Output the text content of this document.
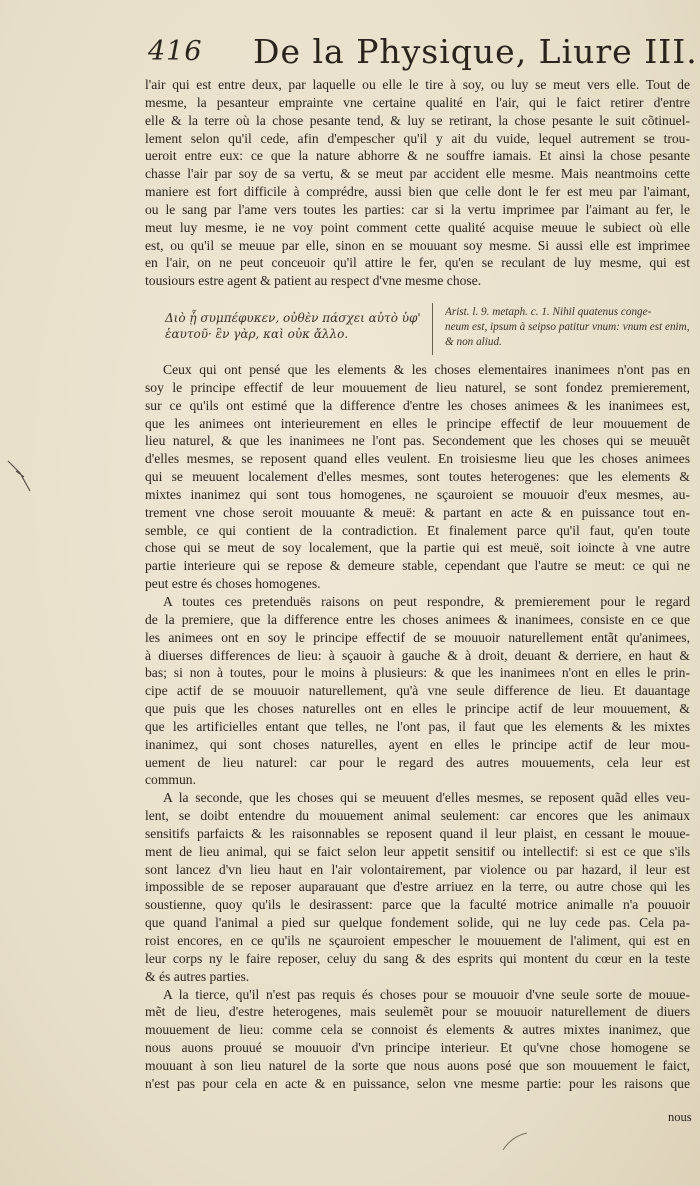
416 De la Physique, Liure III.
l'air qui est entre deux, par laquelle ou elle le tire à soy, ou luy se meut vers elle. Tout de
mesme, la pesanteur emprainte vne certaine qualité en l'air, qui le faict retirer d'entre
elle & la terre où la chose pesante tend, & luy se retirant, la chose pesante le suit cõtinuel-
lement selon qu'il cede, afin d'empescher qu'il y ait du vuide, lequel autrement se trou-
ueroit entre eux: ce que la nature abhorre & ne souffre iamais. Et ainsi la chose pesante
chasse l'air par soy de sa vertu, & se meut par accident elle mesme. Mais neantmoins cette
maniere est fort difficile à comprédre, aussi bien que celle dont le fer est meu par l'aimant,
ou le sang par l'ame vers toutes les parties: car si la vertu imprimee par l'aimant au fer, le
meut luy mesme, ie ne voy point comment cette qualité acquise meuue le subiect où elle
est, ou qu'il se meuue par elle, sinon en se mouuant soy mesme. Si aussi elle est imprimee
en l'air, on ne peut conceuoir qu'il attire le fer, qu'en se reculant de luy mesme, qui est
tousiours estre agent & patient au respect d'vne mesme chose.
Διὸ ᾗ συμπέφυκεν, οὐθὲν πάσχει αὐτὸ ὑφ' ἑαυτοῦ· ἓν γὰρ, καὶ οὐκ ἄλλο.
Arist. l. 9. metaph. c. 1. Nihil quatenus conge-
neum est, ipsum à seipso patitur vnum: vnum est enim,
& non aliud.
Ceux qui ont pensé que les elements & les choses elementaires inanimees n'ont pas en
soy le principe effectif de leur mouuement de lieu naturel, se sont fondez premierement,
sur ce qu'ils ont estimé que la difference d'entre les choses animees & les inanimees est,
que les animees ont interieurement en elles le principe effectif de leur mouuement de
lieu naturel, & que les inanimees ne l'ont pas. Secondement que les choses qui se meuuẽt
d'elles mesmes, se reposent quand elles veulent. En troisiesme lieu que les choses animees
qui se meuuent localement d'elles mesmes, sont toutes heterogenes: que les elements &
mixtes inanimez qui sont tous homogenes, ne sçauroient se mouuoir d'eux mesmes, au-
trement vne chose seroit mouuante & meuë: & partant en acte & en puissance tout en-
semble, ce qui contient de la contradiction. Et finalement parce qu'il faut, qu'en toute
chose qui se meut de soy localement, que la partie qui est meuë, soit ioincte à vne autre
partie interieure qui se repose & demeure stable, cependant que l'autre se meut: ce qui ne
peut estre és choses homogenes.
A toutes ces pretenduës raisons on peut respondre, & premierement pour le regard
de la premiere, que la difference entre les choses animees & inanimees, consiste en ce que
les animees ont en soy le principe effectif de se mouuoir naturellement entãt qu'animees,
à diuerses differences de lieu: à sçauoir à gauche & à droit, deuant & derriere, en haut &
bas; si non à toutes, pour le moins à plusieurs: & que les inanimees n'ont en elles le prin-
cipe actif de se mouuoir naturellement, qu'à vne seule difference de lieu. Et dauantage
que puis que les choses naturelles ont en elles le principe actif de leur mouuement, &
que les artificielles entant que telles, ne l'ont pas, il faut que les elements & les mixtes
inanimez, qui sont choses naturelles, ayent en elles le principe actif de leur mou-
uement de lieu naturel: car pour le regard des autres mouuements, cela leur est
commun.
A la seconde, que les choses qui se meuuent d'elles mesmes, se reposent quãd elles veu-
lent, se doibt entendre du mouuement animal seulement: car encores que les animaux
sensitifs parfaicts & les raisonnables se reposent quand il leur plaist, en cessant le mouue-
ment de lieu animal, qui se faict selon leur appetit sensitif ou intellectif: si est ce que s'ils
sont lancez d'vn lieu haut en l'air volontairement, par violence ou par hazard, il leur est
impossible de se reposer auparauant que d'estre arriuez en la terre, ou autre chose qui les
soustienne, quoy qu'ils le desirassent: parce que la faculté motrice animalle n'a pouuoir
que quand l'animal a pied sur quelque fondement solide, qui ne luy cede pas. Cela pa-
roist encores, en ce qu'ils ne sçauroient empescher le mouuement de l'aliment, qui est en
leur corps ny le faire reposer, celuy du sang & des esprits qui montent du cœur en la teste
& és autres parties.
A la tierce, qu'il n'est pas requis és choses pour se mouuoir d'vne seule sorte de mouue-
mẽt de lieu, d'estre heterogenes, mais seulemẽt pour se mouuoir naturellement de diuers
mouuement de lieu: comme cela se connoist és elements & autres mixtes inanimez, que
nous auons prouué se mouuoir d'vn principe interieur. Et qu'vne chose homogene se
mouuant à son lieu naturel de la sorte que nous auons posé que son mouuement le faict,
n'est pas pour cela en acte & en puissance, selon vne mesme partie: pour les raisons que
nous
